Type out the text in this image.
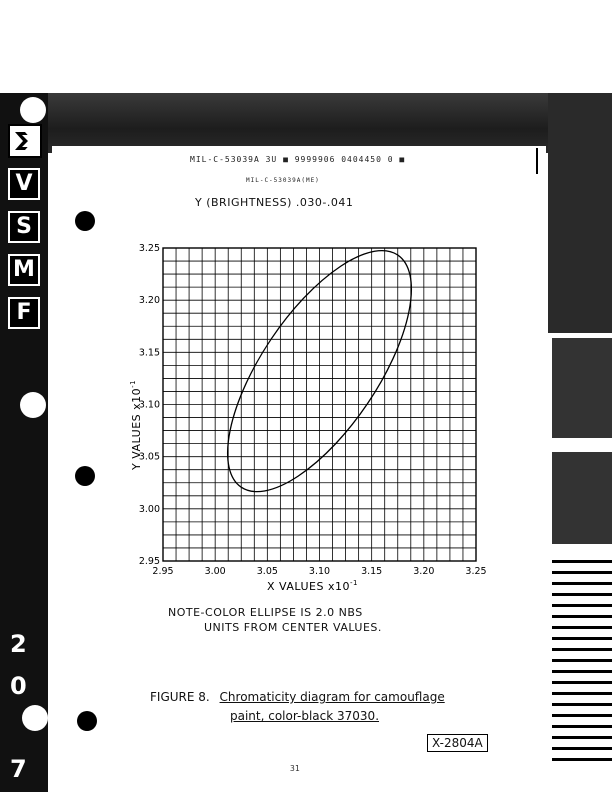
V
S
M
F
2
0
7
MIL-C-53039A 3U ■ 9999906 0404450 0 ■
MIL-C-53039A(ME)
Y (BRIGHTNESS) .030-.041
2.95	3.00	3.05	3.10	3.15	3.20	3.25
2.95
3.00
3.05
3.10
3.15
3.20
3.25
X VALUES $x10^{-1}$
Y VALUES $x10^{-1}$
NOTE-COLOR ELLIPSE IS 2.0 NBS
UNITS FROM CENTER VALUES.
FIGURE 8. Chromaticity diagram for camouflage
paint, color-black 37030.
X-2804A
31
